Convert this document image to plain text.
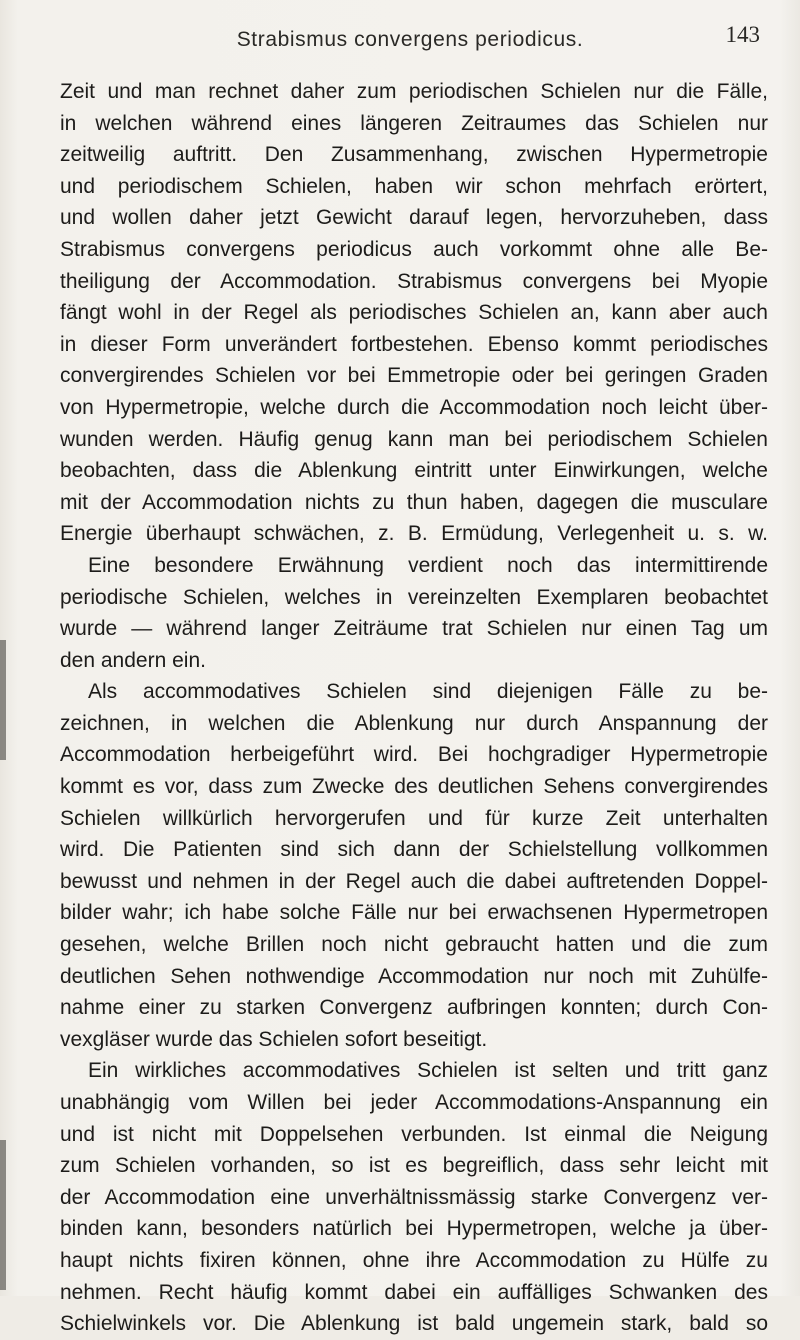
Strabismus convergens periodicus.	143
Zeit und man rechnet daher zum periodischen Schielen nur die Fälle,
in welchen während eines längeren Zeitraumes das Schielen nur
zeitweilig auftritt. Den Zusammenhang, zwischen Hypermetropie
und periodischem Schielen, haben wir schon mehrfach erörtert,
und wollen daher jetzt Gewicht darauf legen, hervorzuheben, dass
Strabismus convergens periodicus auch vorkommt ohne alle Be-
theiligung der Accommodation. Strabismus convergens bei Myopie
fängt wohl in der Regel als periodisches Schielen an, kann aber auch
in dieser Form unverändert fortbestehen. Ebenso kommt periodisches
convergirendes Schielen vor bei Emmetropie oder bei geringen Graden
von Hypermetropie, welche durch die Accommodation noch leicht über-
wunden werden. Häufig genug kann man bei periodischem Schielen
beobachten, dass die Ablenkung eintritt unter Einwirkungen, welche
mit der Accommodation nichts zu thun haben, dagegen die musculare
Energie überhaupt schwächen, z. B. Ermüdung, Verlegenheit u. s. w.
Eine besondere Erwähnung verdient noch das intermittirende
periodische Schielen, welches in vereinzelten Exemplaren beobachtet
wurde — während langer Zeiträume trat Schielen nur einen Tag um
den andern ein.
Als accommodatives Schielen sind diejenigen Fälle zu be-
zeichnen, in welchen die Ablenkung nur durch Anspannung der
Accommodation herbeigeführt wird. Bei hochgradiger Hypermetropie
kommt es vor, dass zum Zwecke des deutlichen Sehens convergirendes
Schielen willkürlich hervorgerufen und für kurze Zeit unterhalten
wird. Die Patienten sind sich dann der Schielstellung vollkommen
bewusst und nehmen in der Regel auch die dabei auftretenden Doppel-
bilder wahr; ich habe solche Fälle nur bei erwachsenen Hypermetropen
gesehen, welche Brillen noch nicht gebraucht hatten und die zum
deutlichen Sehen nothwendige Accommodation nur noch mit Zuhülfe-
nahme einer zu starken Convergenz aufbringen konnten; durch Con-
vexgläser wurde das Schielen sofort beseitigt.
Ein wirkliches accommodatives Schielen ist selten und tritt ganz
unabhängig vom Willen bei jeder Accommodations-Anspannung ein
und ist nicht mit Doppelsehen verbunden. Ist einmal die Neigung
zum Schielen vorhanden, so ist es begreiflich, dass sehr leicht mit
der Accommodation eine unverhältnissmässig starke Convergenz ver-
binden kann, besonders natürlich bei Hypermetropen, welche ja über-
haupt nichts fixiren können, ohne ihre Accommodation zu Hülfe zu
nehmen. Recht häufig kommt dabei ein auffälliges Schwanken des
Schielwinkels vor. Die Ablenkung ist bald ungemein stark, bald so
